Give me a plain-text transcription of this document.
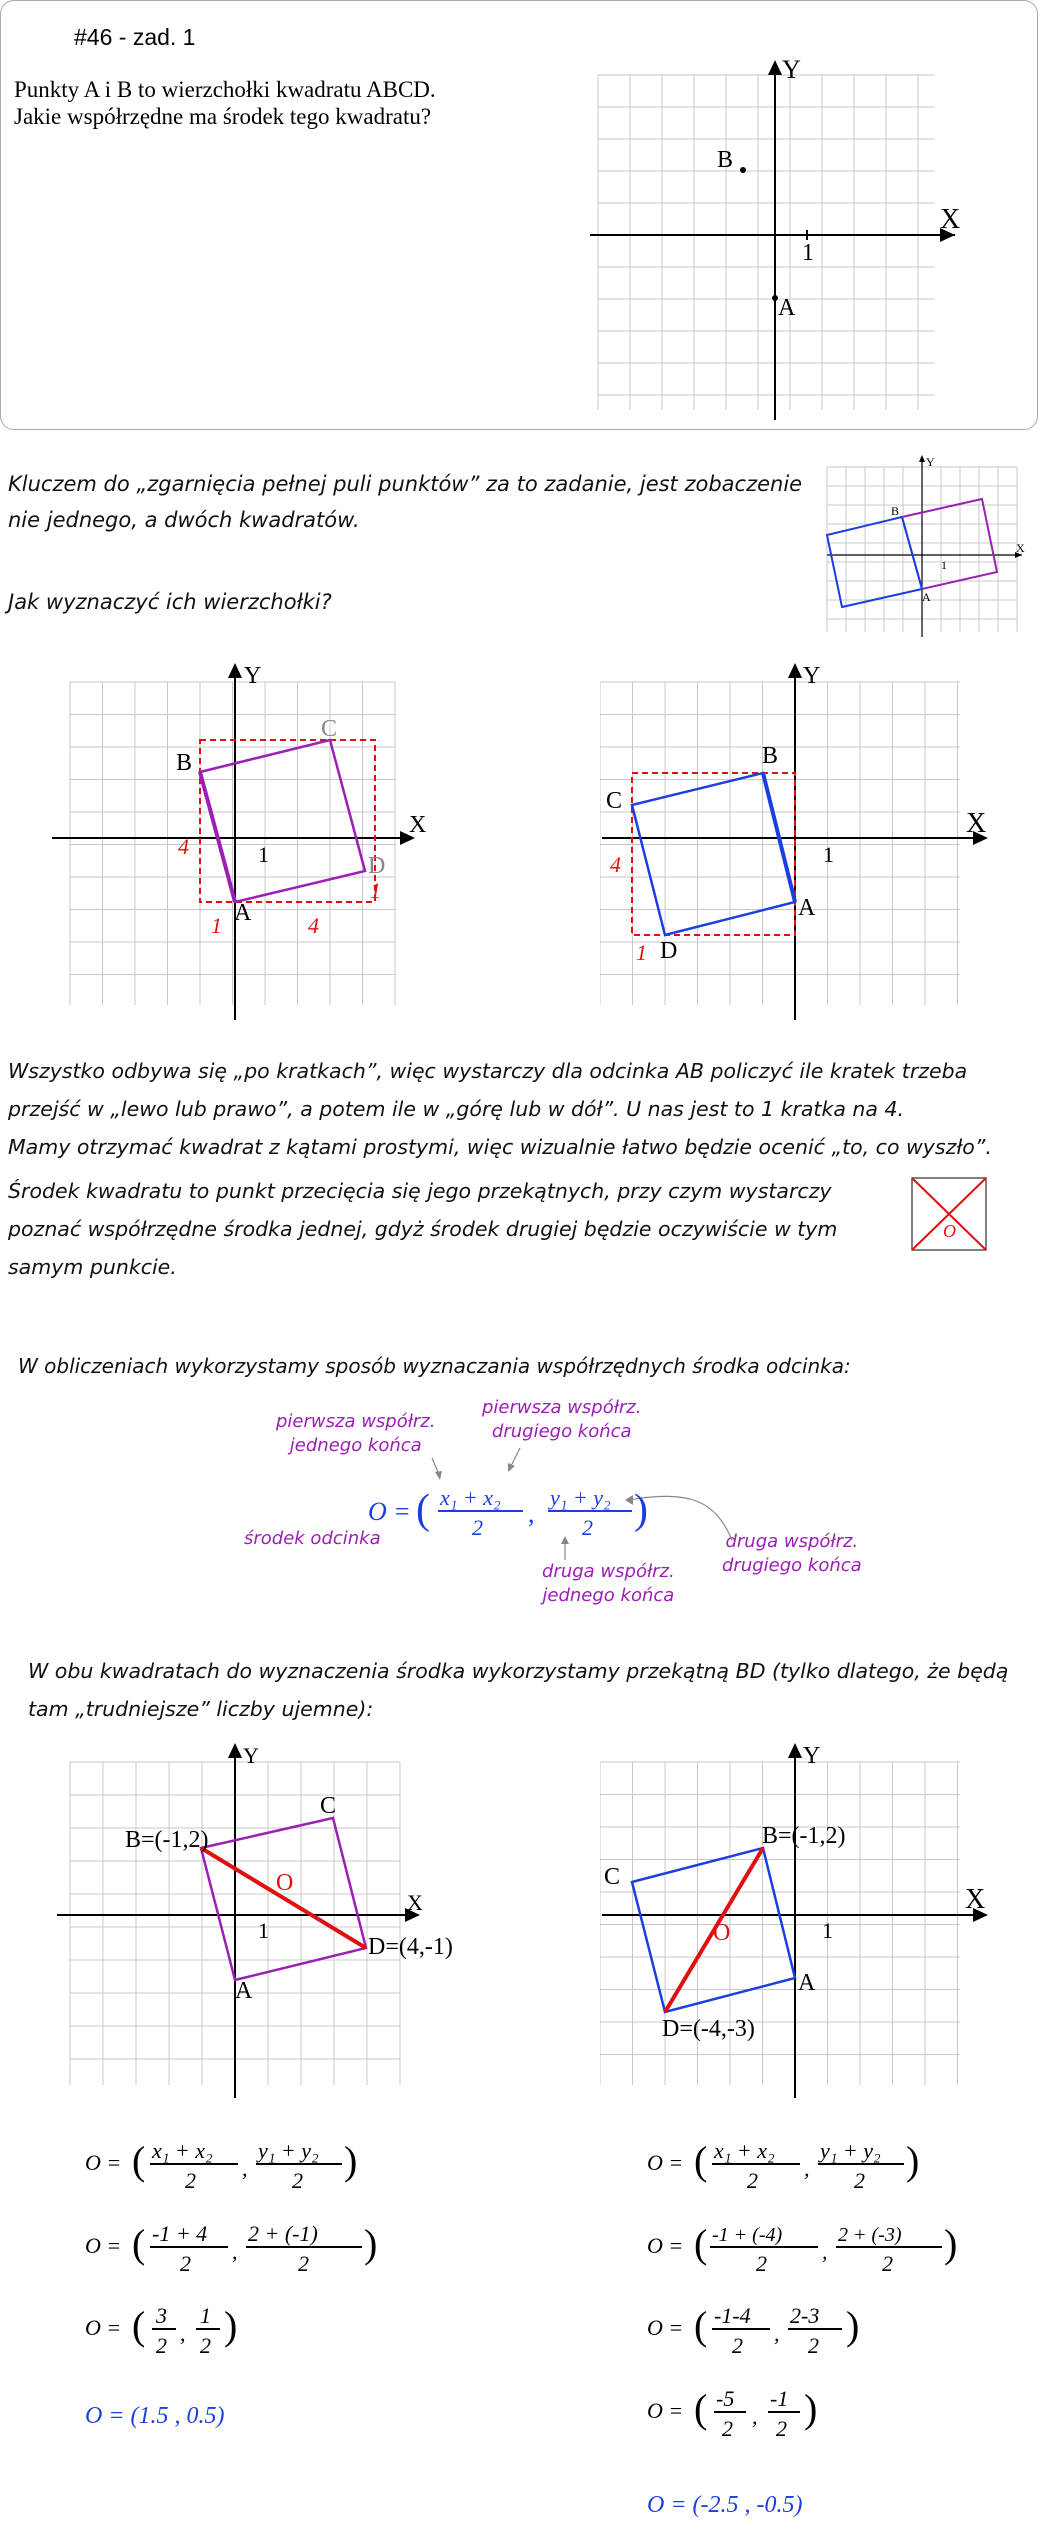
#46 - zad. 1
Punkty A i B to wierzchołki kwadratu ABCD.
Jakie współrzędne ma środek tego kwadratu?
X
Y
1
B
A
Kluczem do „zgarnięcia pełnej puli punktów” za to zadanie, jest zobaczenie
nie jednego, a dwóch kwadratów.
Jak wyznaczyć ich wierzchołki?
X
Y
1
B
A
X
Y
1
B
C
D
A
4
1	4
1
X
Y
1
B
C
A
D
4
1
Wszystko odbywa się „po kratkach”, więc wystarczy dla odcinka AB policzyć ile kratek trzeba
przejść w „lewo lub prawo”, a potem ile w „górę lub w dół”. U nas jest to 1 kratka na 4.
Mamy otrzymać kwadrat z kątami prostymi, więc wizualnie łatwo będzie ocenić „to, co wyszło”.
Środek kwadratu to punkt przecięcia się jego przekątnych, przy czym wystarczy
poznać współrzędne środka jednej, gdyż środek drugiej będzie oczywiście w tym
samym punkcie.
O
W obliczeniach wykorzystamy sposób wyznaczania współrzędnych środka odcinka:
pierwsza współrz.
jednego końca
pierwsza współrz.
drugiego końca
środek odcinka
druga współrz.
jednego końca
druga współrz.
drugiego końca
O = ( x₁ + x₂
2 ,
y₁ + y₂
2 )
W obu kwadratach do wyznaczenia środka wykorzystamy przekątną BD (tylko dlatego, że będą
tam „trudniejsze” liczby ujemne):
X
Y
1
B=(-1,2)
C
D=(4,-1)
A
O
X
Y
1
B=(-1,2)
C
A
D=(-4,-3)
O
O = ( x₁ + x₂
2 ,
y₁ + y₂
2 )
O = ( -1 + 4
2 ,
2 + (-1)
2 )
O = ( 3
2 ,
1
2 )
O = (1.5 , 0.5)
O = ( x₁ + x₂
2 ,
y₁ + y₂
2 )
O = ( -1 + (-4)
2	,
2 + (-3)
2 )
O = ( -1-4
2 ,
2-3
2 )
O = ( -5
2 ,
-1
2 )
O = (-2.5 , -0.5)
